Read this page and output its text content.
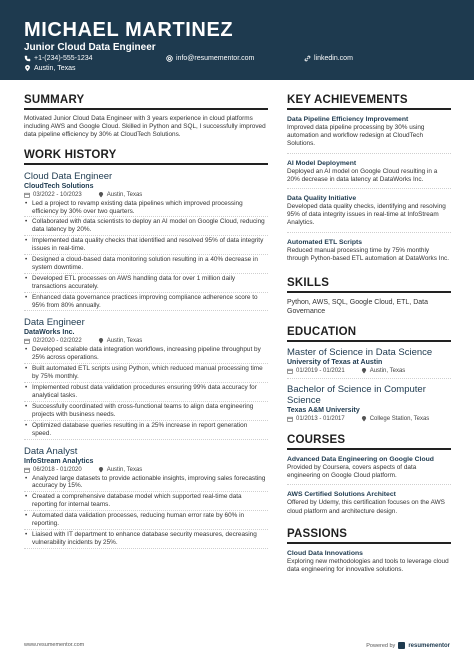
MICHAEL MARTINEZ
Junior Cloud Data Engineer
+1-(234)-555-1234	info@resumementor.com	linkedin.com
Austin, Texas
SUMMARY
Motivated Junior Cloud Data Engineer with 3 years experience in cloud platforms including AWS and Google Cloud. Skilled in Python and SQL, I successfully improved data pipeline efficiency by 30% at CloudTech Solutions.
WORK HISTORY
Cloud Data Engineer
CloudTech Solutions
03/2022 - 10/2023	Austin, Texas
• Led a project to revamp existing data pipelines which improved processing efficiency by 30% over two quarters.
• Collaborated with data scientists to deploy an AI model on Google Cloud, reducing data latency by 20%.
• Implemented data quality checks that identified and resolved 95% of data integrity issues in real-time.
• Designed a cloud-based data monitoring solution resulting in a 40% decrease in system downtime.
• Developed ETL processes on AWS handling data for over 1 million daily transactions accurately.
• Enhanced data governance practices improving compliance adherence score to 95% from 80% annually.
Data Engineer
DataWorks Inc.
02/2020 - 02/2022	Austin, Texas
• Developed scalable data integration workflows, increasing pipeline throughput by 25% across operations.
• Built automated ETL scripts using Python, which reduced manual processing time by 75% monthly.
• Implemented robust data validation procedures ensuring 99% data accuracy for analytical tasks.
• Successfully coordinated with cross-functional teams to align data engineering projects with business needs.
• Optimized database queries resulting in a 25% increase in report generation speed.
Data Analyst
InfoStream Analytics
06/2018 - 01/2020	Austin, Texas
• Analyzed large datasets to provide actionable insights, improving sales forecasting accuracy by 15%.
• Created a comprehensive database model which supported real-time data reporting for internal teams.
• Automated data validation processes, reducing human error rate by 60% in reporting.
• Liaised with IT department to enhance database security measures, decreasing vulnerability incidents by 25%.
KEY ACHIEVEMENTS
Data Pipeline Efficiency Improvement
Improved data pipeline processing by 30% using automation and workflow redesign at CloudTech Solutions.
AI Model Deployment
Deployed an AI model on Google Cloud resulting in a 20% decrease in data latency at DataWorks Inc.
Data Quality Initiative
Developed data quality checks, identifying and resolving 95% of data integrity issues in real-time at InfoStream Analytics.
Automated ETL Scripts
Reduced manual processing time by 75% monthly through Python-based ETL automation at DataWorks Inc.
SKILLS
Python, AWS, SQL, Google Cloud, ETL, Data Governance
EDUCATION
Master of Science in Data Science
University of Texas at Austin
01/2019 - 01/2021	Austin, Texas
Bachelor of Science in Computer Science
Texas A&M University
01/2013 - 01/2017	College Station, Texas
COURSES
Advanced Data Engineering on Google Cloud
Provided by Coursera, covers aspects of data engineering on Google Cloud platform.
AWS Certified Solutions Architect
Offered by Udemy, this certification focuses on the AWS cloud platform and architecture design.
PASSIONS
Cloud Data Innovations
Exploring new methodologies and tools to leverage cloud data engineering for innovative solutions.
www.resumementor.com	Powered by resumementor
